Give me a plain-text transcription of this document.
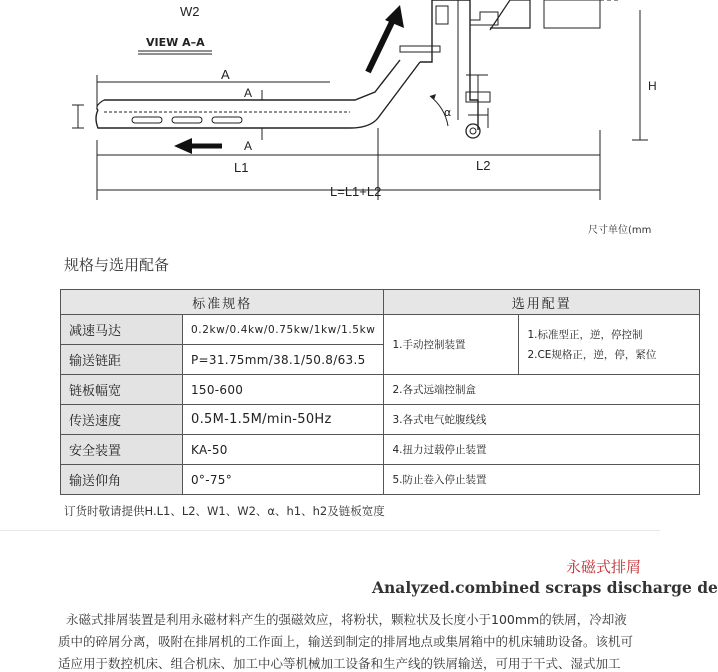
W2
VIEW A–A
A
A
A
α
H
L1	L2
L=L1+L2
尺寸单位(mm
规格与选用配备
标准规格		选用配置	
减速马达	0.2kw/0.4kw/0.75kw/1kw/1.5kw	1.手动控制装置	1.标准型正，逆，停控制
2.CE规格正，逆，停，紧位

输送链距	P=31.75mm/38.1/50.8/63.5		
链板幅宽	150-600	2.各式远端控制盒	
传送速度	0.5M-1.5M/min-50Hz	3.各式电气蛇腹线线	
安全装置	KA-50	4.扭力过载停止装置	
输送仰角	0°-75°	5.防止卷入停止装置	
订货时敬请提供H.L1、L2、W1、W2、α、h1、h2及链板宽度
永磁式排屑
Analyzed.combined scraps discharge de
永磁式排屑装置是利用永磁材料产生的强磁效应，将粉状，颗粒状及长度小于100mm的铁屑，冷却液
质中的碎屑分离，吸附在排屑机的工作面上，输送到制定的排屑地点或集屑箱中的机床辅助设备。该机可
适应用于数控机床、组合机床、加工中心等机械加工设备和生产线的铁屑输送，可用于干式、湿式加工
